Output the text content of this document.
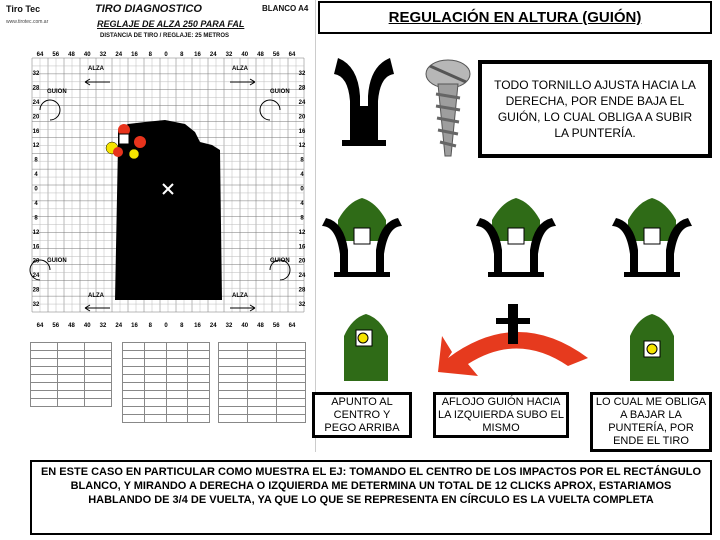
Tiro Tec
www.tirotec.com.ar
TIRO DIAGNOSTICO	BLANCO A4
REGLAJE DE ALZA 250 PARA FAL
DISTANCIA DE TIRO / REGLAJE: 25 METROS
64 56 48 40 32 24 16 8 0 8 16 24 32 40 48 56 64
64 56 48 40 32 24 16 8 0 8 16 24 32 40 48 56 64
32
28
24
20
16
12
8
4
0
4
8
12
16
20
24
28
32
32
28
24
20
16
12
8
4
0
4
8
12
16
20
24
28
32
GUION
GUION
GUION
GUION
ALZA	ALZA
ALZA	ALZA

REGULACIÓN EN ALTURA (GUIÓN)
TODO TORNILLO AJUSTA HACIA LA DERECHA, POR ENDE BAJA EL GUIÓN, LO CUAL OBLIGA A SUBIR LA PUNTERÍA.
APUNTO AL CENTRO Y PEGO ARRIBA
AFLOJO GUIÓN HACIA LA IZQUIERDA SUBO EL MISMO
LO CUAL ME OBLIGA A BAJAR LA PUNTERÍA, POR ENDE EL TIRO
EN ESTE CASO EN PARTICULAR COMO MUESTRA EL EJ: TOMANDO EL CENTRO DE LOS IMPACTOS POR EL RECTÁNGULO BLANCO, Y MIRANDO A DERECHA O IZQUIERDA ME DETERMINA UN TOTAL DE 12 CLICKS APROX, ESTARIAMOS HABLANDO DE 3/4 DE VUELTA, YA QUE LO QUE SE REPRESENTA EN CÍRCULO ES LA VUELTA COMPLETA
